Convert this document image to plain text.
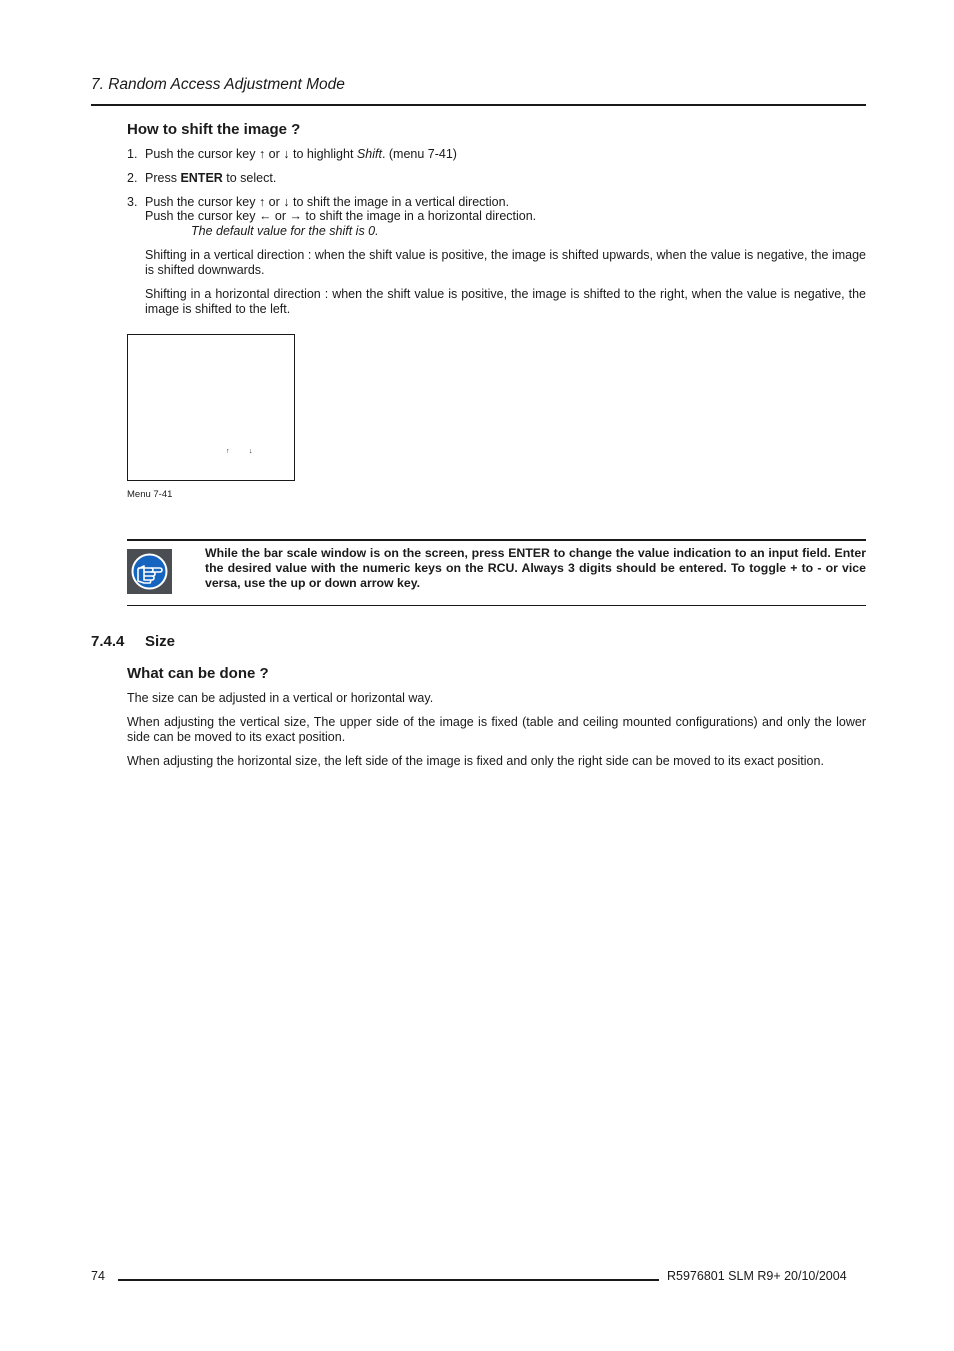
7. Random Access Adjustment Mode
How to shift the image ?
1. Push the cursor key ↑ or ↓ to highlight Shift. (menu 7-41)
2. Press ENTER to select.
3. Push the cursor key ↑ or ↓ to shift the image in a vertical direction.
Push the cursor key ← or → to shift the image in a horizontal direction.
The default value for the shift is 0.
Shifting in a vertical direction : when the shift value is positive, the image is shifted upwards, when the value is negative, the image is shifted downwards.
Shifting in a horizontal direction : when the shift value is positive, the image is shifted to the right, when the value is negative, the image is shifted to the left.
↑	↓
Menu 7-41
While the bar scale window is on the screen, press ENTER to change the value indication to an input field. Enter the desired value with the numeric keys on the RCU. Always 3 digits should be entered. To toggle + to - or vice versa, use the up or down arrow key.
7.4.4 Size
What can be done ?
The size can be adjusted in a vertical or horizontal way.
When adjusting the vertical size, The upper side of the image is fixed (table and ceiling mounted configurations) and only the lower side can be moved to its exact position.
When adjusting the horizontal size, the left side of the image is fixed and only the right side can be moved to its exact position.
74	R5976801 SLM R9+ 20/10/2004
